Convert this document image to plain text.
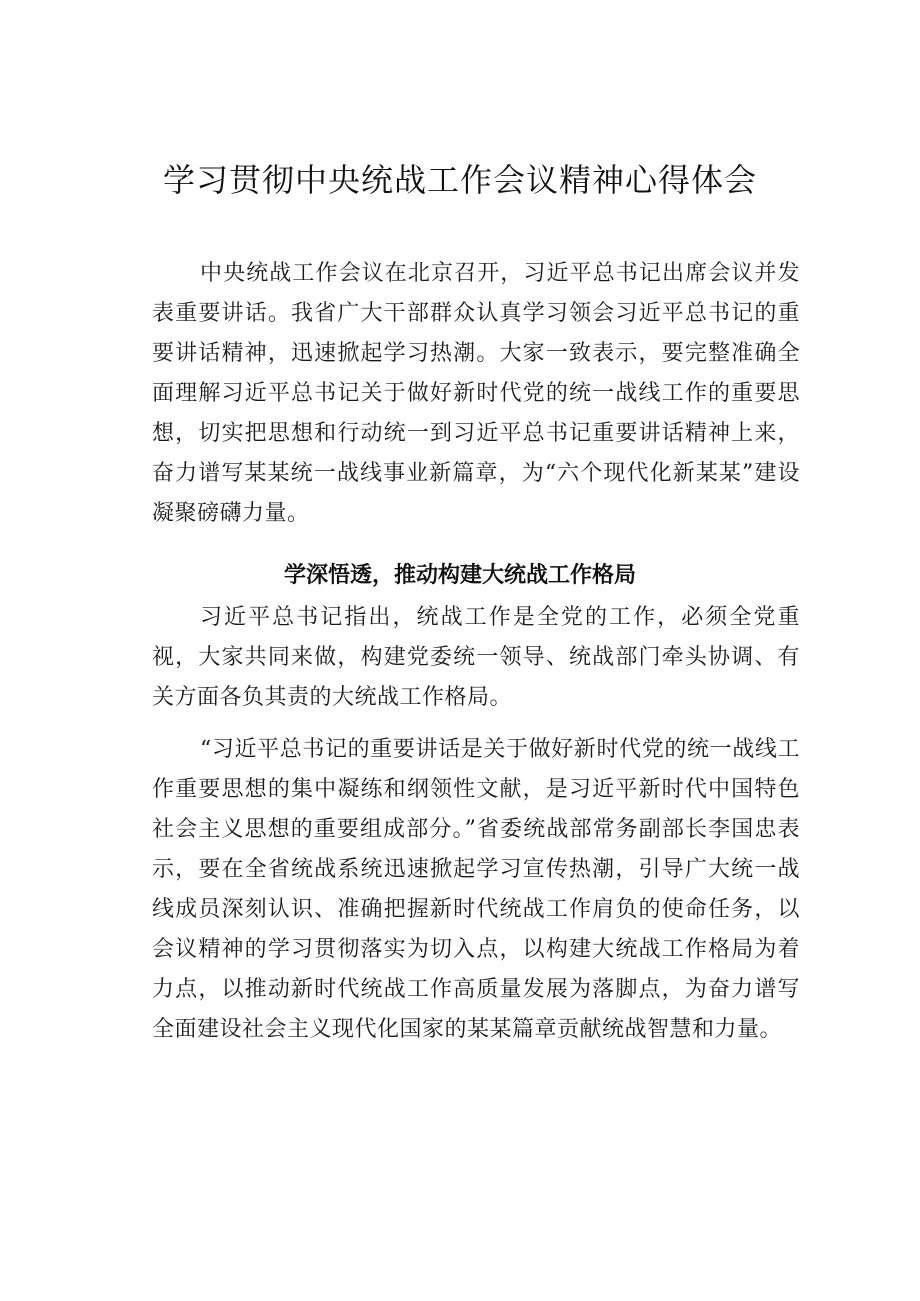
学习贯彻中央统战工作会议精神心得体会

中央统战工作会议在北京召开，习近平总书记出席会议并发表重要讲话。我省广大干部群众认真学习领会习近平总书记的重要讲话精神，迅速掀起学习热潮。大家一致表示，要完整准确全面理解习近平总书记关于做好新时代党的统一战线工作的重要思想，切实把思想和行动统一到习近平总书记重要讲话精神上来，奋力谱写某某统一战线事业新篇章，为“六个现代化新某某”建设凝聚磅礴力量。

学深悟透，推动构建大统战工作格局

习近平总书记指出，统战工作是全党的工作，必须全党重视，大家共同来做，构建党委统一领导、统战部门牵头协调、有关方面各负其责的大统战工作格局。

“习近平总书记的重要讲话是关于做好新时代党的统一战线工作重要思想的集中凝练和纲领性文献，是习近平新时代中国特色社会主义思想的重要组成部分。”省委统战部常务副部长李国忠表示，要在全省统战系统迅速掀起学习宣传热潮，引导广大统一战线成员深刻认识、准确把握新时代统战工作肩负的使命任务，以会议精神的学习贯彻落实为切入点，以构建大统战工作格局为着力点，以推动新时代统战工作高质量发展为落脚点，为奋力谱写全面建设社会主义现代化国家的某某篇章贡献统战智慧和力量。
